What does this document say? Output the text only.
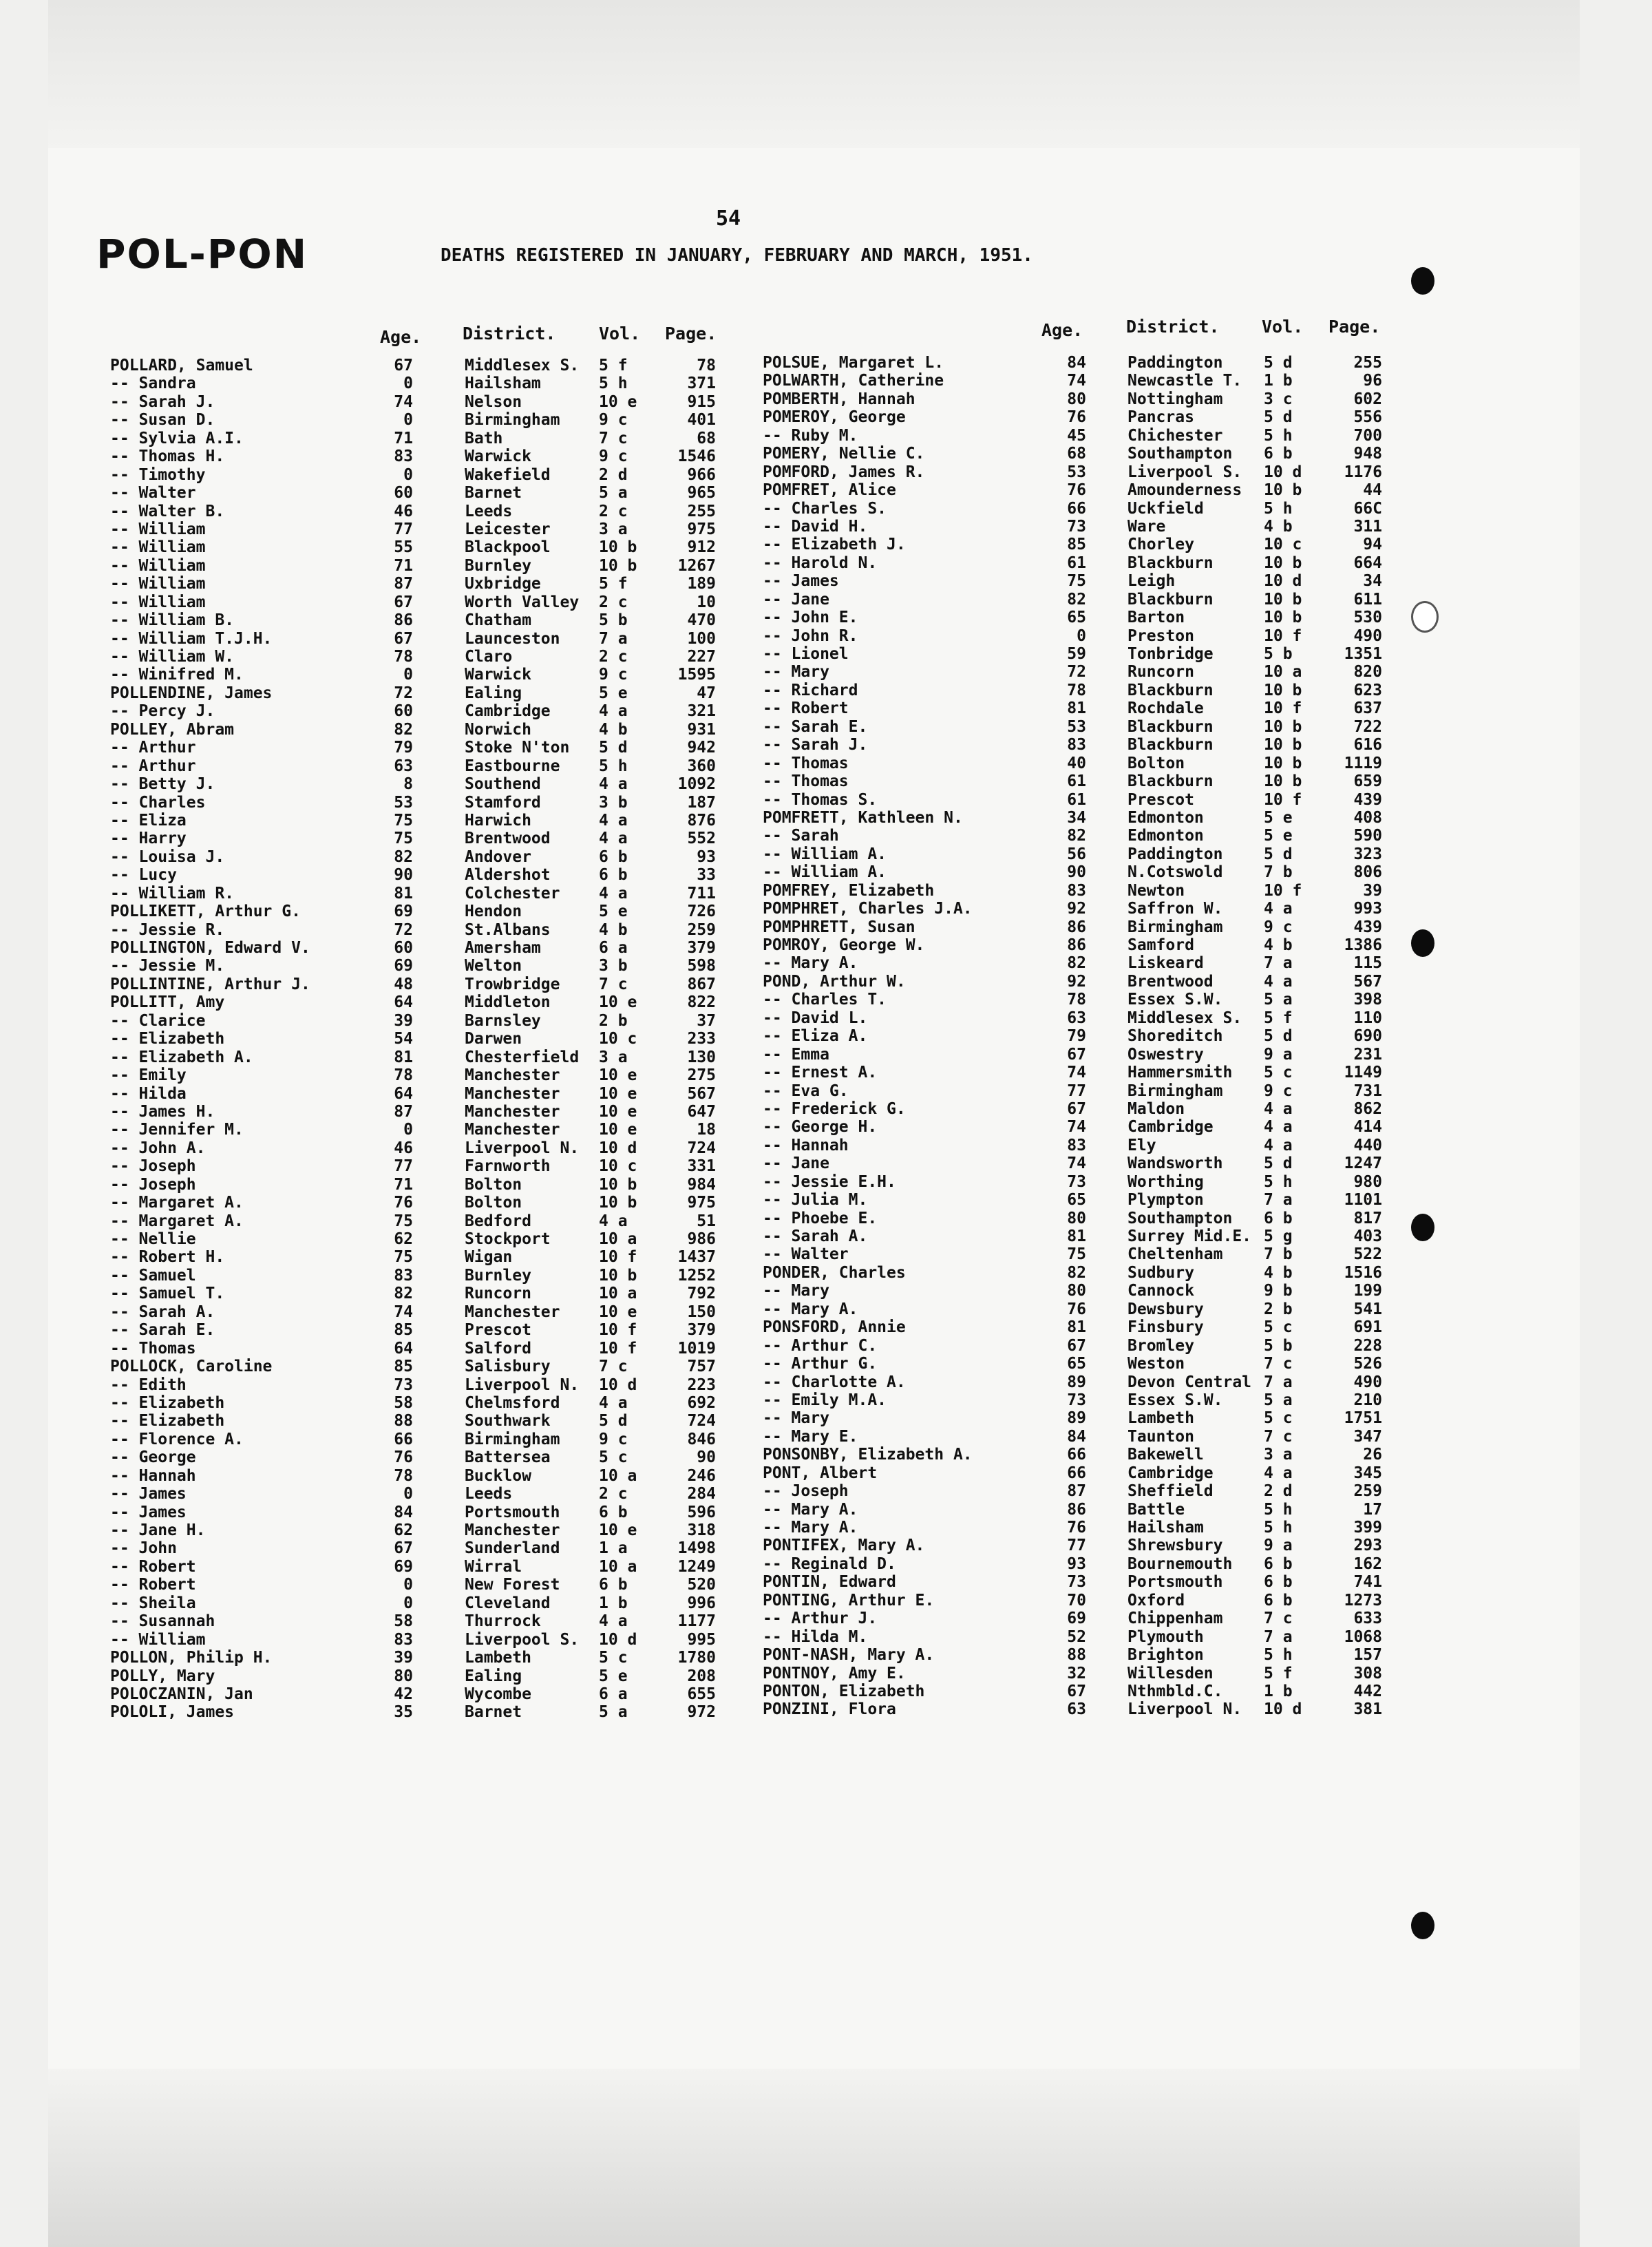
54
POL-PON	DEATHS REGISTERED IN JANUARY, FEBRUARY AND MARCH, 1951.
Age. District.	Vol. Page.	Age.	District. Vol. Page.
POLLARD, Samuel	67	Middlesex S. 5 f	78
-- Sandra	0	Hailsham	5 h	371
-- Sarah J.	74	Nelson	10 e	915
-- Susan D.	0	Birmingham 9 c	401
-- Sylvia A.I.	71	Bath	7 c	68
-- Thomas H.	83	Warwick	9 c	1546
-- Timothy	0	Wakefield	2 d	966
-- Walter	60	Barnet	5 a	965
-- Walter B.	46	Leeds	2 c	255
-- William	77	Leicester	3 a	975
-- William	55	Blackpool	10 b	912
-- William	71	Burnley	10 b	1267
-- William	87	Uxbridge	5 f	189
-- William	67	Worth Valley 2 c	10
-- William B.	86	Chatham	5 b	470
-- William T.J.H.	67	Launceston 7 a	100
-- William W.	78	Claro	2 c	227
-- Winifred M.	0	Warwick	9 c	1595
POLLENDINE, James	72	Ealing	5 e	47
-- Percy J.	60	Cambridge	4 a	321
POLLEY, Abram	82	Norwich	4 b	931
-- Arthur	79	Stoke N'ton 5 d	942
-- Arthur	63	Eastbourne 5 h	360
-- Betty J.	8	Southend	4 a	1092
-- Charles	53	Stamford	3 b	187
-- Eliza	75	Harwich	4 a	876
-- Harry	75	Brentwood	4 a	552
-- Louisa J.	82	Andover	6 b	93
-- Lucy	90	Aldershot	6 b	33
-- William R.	81	Colchester 4 a	711
POLLIKETT, Arthur G.	69	Hendon	5 e	726
-- Jessie R.	72	St.Albans	4 b	259
POLLINGTON, Edward V.	60	Amersham	6 a	379
-- Jessie M.	69	Welton	3 b	598
POLLINTINE, Arthur J.	48	Trowbridge 7 c	867
POLLITT, Amy	64	Middleton	10 e	822
-- Clarice	39	Barnsley	2 b	37
-- Elizabeth	54	Darwen	10 c	233
-- Elizabeth A.	81	Chesterfield 3 a	130
-- Emily	78	Manchester 10 e	275
-- Hilda	64	Manchester 10 e	567
-- James H.	87	Manchester 10 e	647
-- Jennifer M.	0	Manchester 10 e	18
-- John A.	46	Liverpool N. 10 d	724
-- Joseph	77	Farnworth	10 c	331
-- Joseph	71	Bolton	10 b	984
-- Margaret A.	76	Bolton	10 b	975
-- Margaret A.	75	Bedford	4 a	51
-- Nellie	62	Stockport	10 a	986
-- Robert H.	75	Wigan	10 f	1437
-- Samuel	83	Burnley	10 b	1252
-- Samuel T.	82	Runcorn	10 a	792
-- Sarah A.	74	Manchester 10 e	150
-- Sarah E.	85	Prescot	10 f	379
-- Thomas	64	Salford	10 f	1019
POLLOCK, Caroline	85	Salisbury	7 c	757
-- Edith	73	Liverpool N. 10 d	223
-- Elizabeth	58	Chelmsford 4 a	692
-- Elizabeth	88	Southwark	5 d	724
-- Florence A.	66	Birmingham 9 c	846
-- George	76	Battersea	5 c	90
-- Hannah	78	Bucklow	10 a	246
-- James	0	Leeds	2 c	284
-- James	84	Portsmouth 6 b	596
-- Jane H.	62	Manchester 10 e	318
-- John	67	Sunderland 1 a	1498
-- Robert	69	Wirral	10 a	1249
-- Robert	0	New Forest 6 b	520
-- Sheila	0	Cleveland	1 b	996
-- Susannah	58	Thurrock	4 a	1177
-- William	83	Liverpool S. 10 d	995
POLLON, Philip H.	39	Lambeth	5 c	1780
POLLY, Mary	80	Ealing	5 e	208
POLOCZANIN, Jan	42	Wycombe	6 a	655
POLOLI, James	35	Barnet	5 a	972
POLSUE, Margaret L.	84	Paddington	5 d	255
POLWARTH, Catherine	74	Newcastle T. 1 b	96
POMBERTH, Hannah	80	Nottingham	3 c	602
POMEROY, George	76	Pancras	5 d	556
-- Ruby M.	45	Chichester	5 h	700
POMERY, Nellie C.	68	Southampton 6 b	948
POMFORD, James R.	53	Liverpool S. 10 d	1176
POMFRET, Alice	76	Amounderness 10 b	44
-- Charles S.	66	Uckfield	5 h	66C
-- David H.	73	Ware	4 b	311
-- Elizabeth J.	85	Chorley	10 c	94
-- Harold N.	61	Blackburn	10 b	664
-- James	75	Leigh	10 d	34
-- Jane	82	Blackburn	10 b	611
-- John E.	65	Barton	10 b	530
-- John R.	0	Preston	10 f	490
-- Lionel	59	Tonbridge	5 b	1351
-- Mary	72	Runcorn	10 a	820
-- Richard	78	Blackburn	10 b	623
-- Robert	81	Rochdale	10 f	637
-- Sarah E.	53	Blackburn	10 b	722
-- Sarah J.	83	Blackburn	10 b	616
-- Thomas	40	Bolton	10 b	1119
-- Thomas	61	Blackburn	10 b	659
-- Thomas S.	61	Prescot	10 f	439
POMFRETT, Kathleen N.	34	Edmonton	5 e	408
-- Sarah	82	Edmonton	5 e	590
-- William A.	56	Paddington	5 d	323
-- William A.	90	N.Cotswold	7 b	806
POMFREY, Elizabeth	83	Newton	10 f	39
POMPHRET, Charles J.A.	92	Saffron W.	4 a	993
POMPHRETT, Susan	86	Birmingham	9 c	439
POMROY, George W.	86	Samford	4 b	1386
-- Mary A.	82	Liskeard	7 a	115
POND, Arthur W.	92	Brentwood	4 a	567
-- Charles T.	78	Essex S.W.	5 a	398
-- David L.	63	Middlesex S. 5 f	110
-- Eliza A.	79	Shoreditch	5 d	690
-- Emma	67	Oswestry	9 a	231
-- Ernest A.	74	Hammersmith 5 c	1149
-- Eva G.	77	Birmingham	9 c	731
-- Frederick G.	67	Maldon	4 a	862
-- George H.	74	Cambridge	4 a	414
-- Hannah	83	Ely	4 a	440
-- Jane	74	Wandsworth	5 d	1247
-- Jessie E.H.	73	Worthing	5 h	980
-- Julia M.	65	Plympton	7 a	1101
-- Phoebe E.	80	Southampton 6 b	817
-- Sarah A.	81	Surrey Mid.E. 5 g	403
-- Walter	75	Cheltenham	7 b	522
PONDER, Charles	82	Sudbury	4 b	1516
-- Mary	80	Cannock	9 b	199
-- Mary A.	76	Dewsbury	2 b	541
PONSFORD, Annie	81	Finsbury	5 c	691
-- Arthur C.	67	Bromley	5 b	228
-- Arthur G.	65	Weston	7 c	526
-- Charlotte A.	89	Devon Central 7 a	490
-- Emily M.A.	73	Essex S.W.	5 a	210
-- Mary	89	Lambeth	5 c	1751
-- Mary E.	84	Taunton	7 c	347
PONSONBY, Elizabeth A.	66	Bakewell	3 a	26
PONT, Albert	66	Cambridge	4 a	345
-- Joseph	87	Sheffield	2 d	259
-- Mary A.	86	Battle	5 h	17
-- Mary A.	76	Hailsham	5 h	399
PONTIFEX, Mary A.	77	Shrewsbury	9 a	293
-- Reginald D.	93	Bournemouth 6 b	162
PONTIN, Edward	73	Portsmouth	6 b	741
PONTING, Arthur E.	70	Oxford	6 b	1273
-- Arthur J.	69	Chippenham	7 c	633
-- Hilda M.	52	Plymouth	7 a	1068
PONT-NASH, Mary A.	88	Brighton	5 h	157
PONTNOY, Amy E.	32	Willesden	5 f	308
PONTON, Elizabeth	67	Nthmbld.C.	1 b	442
PONZINI, Flora	63	Liverpool N. 10 d	381
